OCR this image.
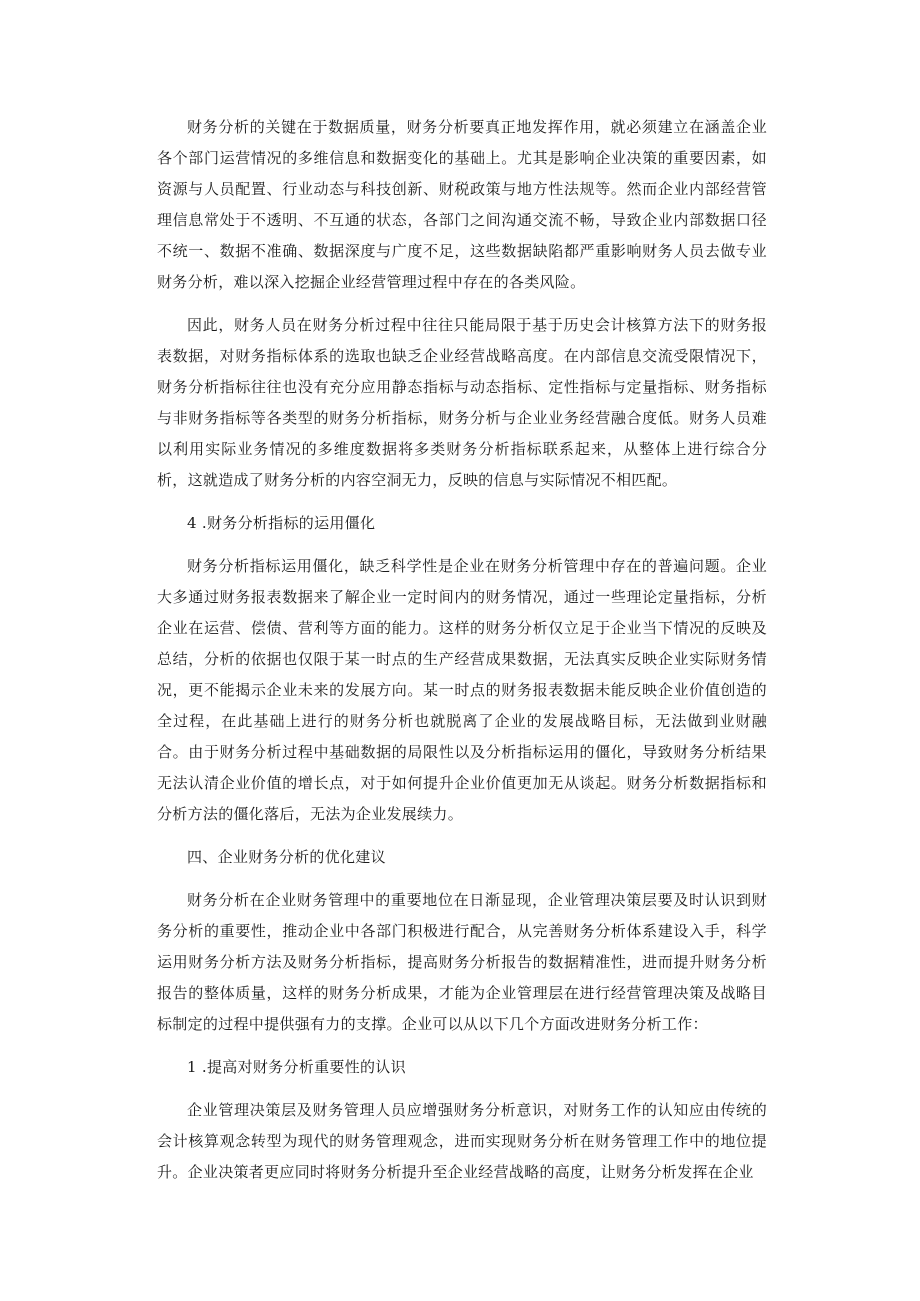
财务分析的关键在于数据质量，财务分析要真正地发挥作用，就必须建立在涵盖企业各个部门运营情况的多维信息和数据变化的基础上。尤其是影响企业决策的重要因素，如资源与人员配置、行业动态与科技创新、财税政策与地方性法规等。然而企业内部经营管理信息常处于不透明、不互通的状态，各部门之间沟通交流不畅，导致企业内部数据口径不统一、数据不准确、数据深度与广度不足，这些数据缺陷都严重影响财务人员去做专业财务分析，难以深入挖掘企业经营管理过程中存在的各类风险。

因此，财务人员在财务分析过程中往往只能局限于基于历史会计核算方法下的财务报表数据，对财务指标体系的选取也缺乏企业经营战略高度。在内部信息交流受限情况下，财务分析指标往往也没有充分应用静态指标与动态指标、定性指标与定量指标、财务指标与非财务指标等各类型的财务分析指标，财务分析与企业业务经营融合度低。财务人员难以利用实际业务情况的多维度数据将多类财务分析指标联系起来，从整体上进行综合分析，这就造成了财务分析的内容空洞无力，反映的信息与实际情况不相匹配。

4 .财务分析指标的运用僵化

财务分析指标运用僵化，缺乏科学性是企业在财务分析管理中存在的普遍问题。企业大多通过财务报表数据来了解企业一定时间内的财务情况，通过一些理论定量指标，分析企业在运营、偿债、营利等方面的能力。这样的财务分析仅立足于企业当下情况的反映及总结，分析的依据也仅限于某一时点的生产经营成果数据，无法真实反映企业实际财务情况，更不能揭示企业未来的发展方向。某一时点的财务报表数据未能反映企业价值创造的全过程，在此基础上进行的财务分析也就脱离了企业的发展战略目标，无法做到业财融合。由于财务分析过程中基础数据的局限性以及分析指标运用的僵化，导致财务分析结果无法认清企业价值的增长点，对于如何提升企业价值更加无从谈起。财务分析数据指标和分析方法的僵化落后，无法为企业发展续力。

四、企业财务分析的优化建议

财务分析在企业财务管理中的重要地位在日渐显现，企业管理决策层要及时认识到财务分析的重要性，推动企业中各部门积极进行配合，从完善财务分析体系建设入手，科学运用财务分析方法及财务分析指标，提高财务分析报告的数据精准性，进而提升财务分析报告的整体质量，这样的财务分析成果，才能为企业管理层在进行经营管理决策及战略目标制定的过程中提供强有力的支撑。企业可以从以下几个方面改进财务分析工作：

1 .提高对财务分析重要性的认识

企业管理决策层及财务管理人员应增强财务分析意识，对财务工作的认知应由传统的会计核算观念转型为现代的财务管理观念，进而实现财务分析在财务管理工作中的地位提升。企业决策者更应同时将财务分析提升至企业经营战略的高度，让财务分析发挥在企业
